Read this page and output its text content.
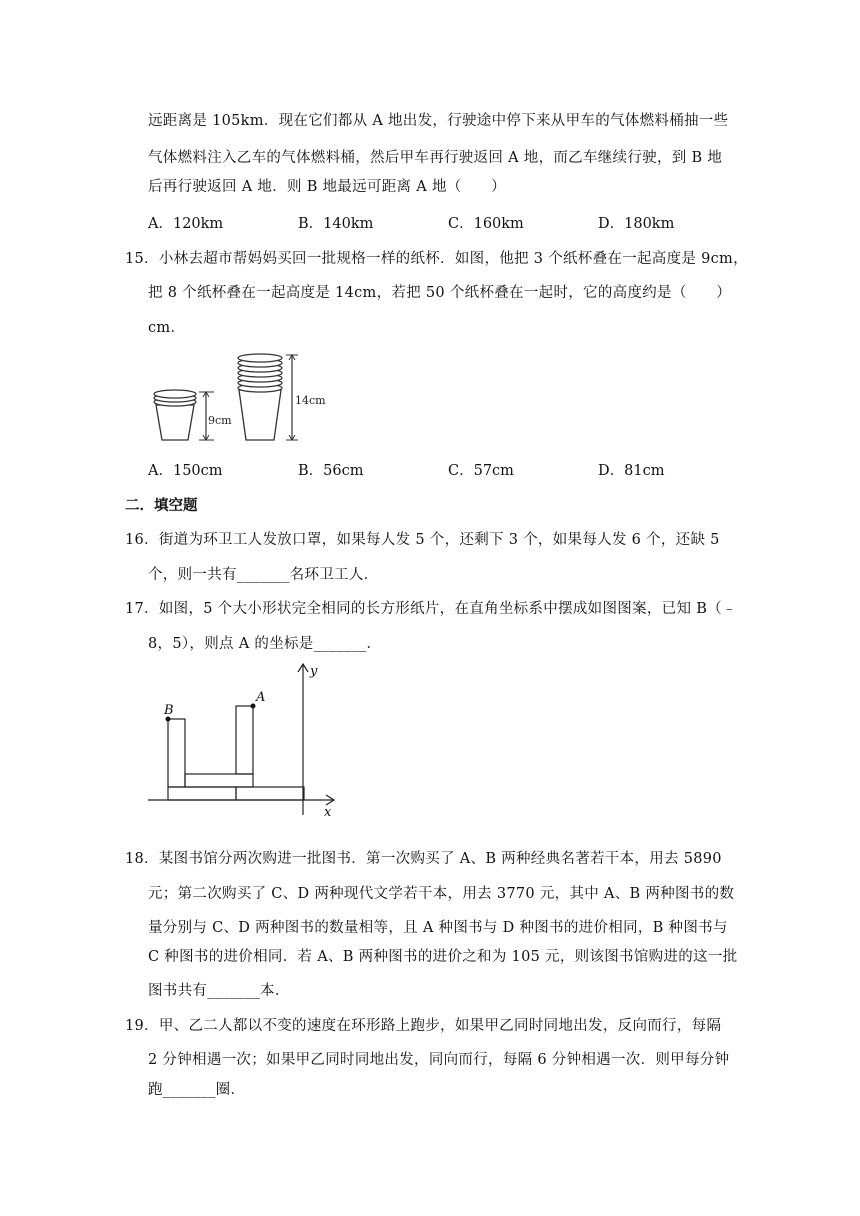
远距离是 105km．现在它们都从 A 地出发，行驶途中停下来从甲车的气体燃料桶抽一些
气体燃料注入乙车的气体燃料桶，然后甲车再行驶返回 A 地，而乙车继续行驶，到 B 地
后再行驶返回 A 地．则 B 地最远可距离 A 地（　　）
A．120km	B．140km	C．160km	D．180km
15．小林去超市帮妈妈买回一批规格一样的纸杯．如图，他把 3 个纸杯叠在一起高度是 9cm，
把 8 个纸杯叠在一起高度是 14cm，若把 50 个纸杯叠在一起时，它的高度约是（　　）
cm．
9cm
14cm
A．150cm	B．56cm	C．57cm	D．81cm
二．填空题
16．街道为环卫工人发放口罩，如果每人发 5 个，还剩下 3 个，如果每人发 6 个，还缺 5
个，则一共有_______名环卫工人．
17．如图，5 个大小形状完全相同的长方形纸片，在直角坐标系中摆成如图图案，已知 B（﹣
8，5），则点 A 的坐标是_______．
B
A
y
x
18．某图书馆分两次购进一批图书．第一次购买了 A、B 两种经典名著若干本，用去 5890
元；第二次购买了 C、D 两种现代文学若干本，用去 3770 元，其中 A、B 两种图书的数
量分别与 C、D 两种图书的数量相等，且 A 种图书与 D 种图书的进价相同，B 种图书与
C 种图书的进价相同．若 A、B 两种图书的进价之和为 105 元，则该图书馆购进的这一批
图书共有_______本．
19．甲、乙二人都以不变的速度在环形路上跑步，如果甲乙同时同地出发，反向而行，每隔
2 分钟相遇一次；如果甲乙同时同地出发，同向而行，每隔 6 分钟相遇一次．则甲每分钟
跑_______圈．
